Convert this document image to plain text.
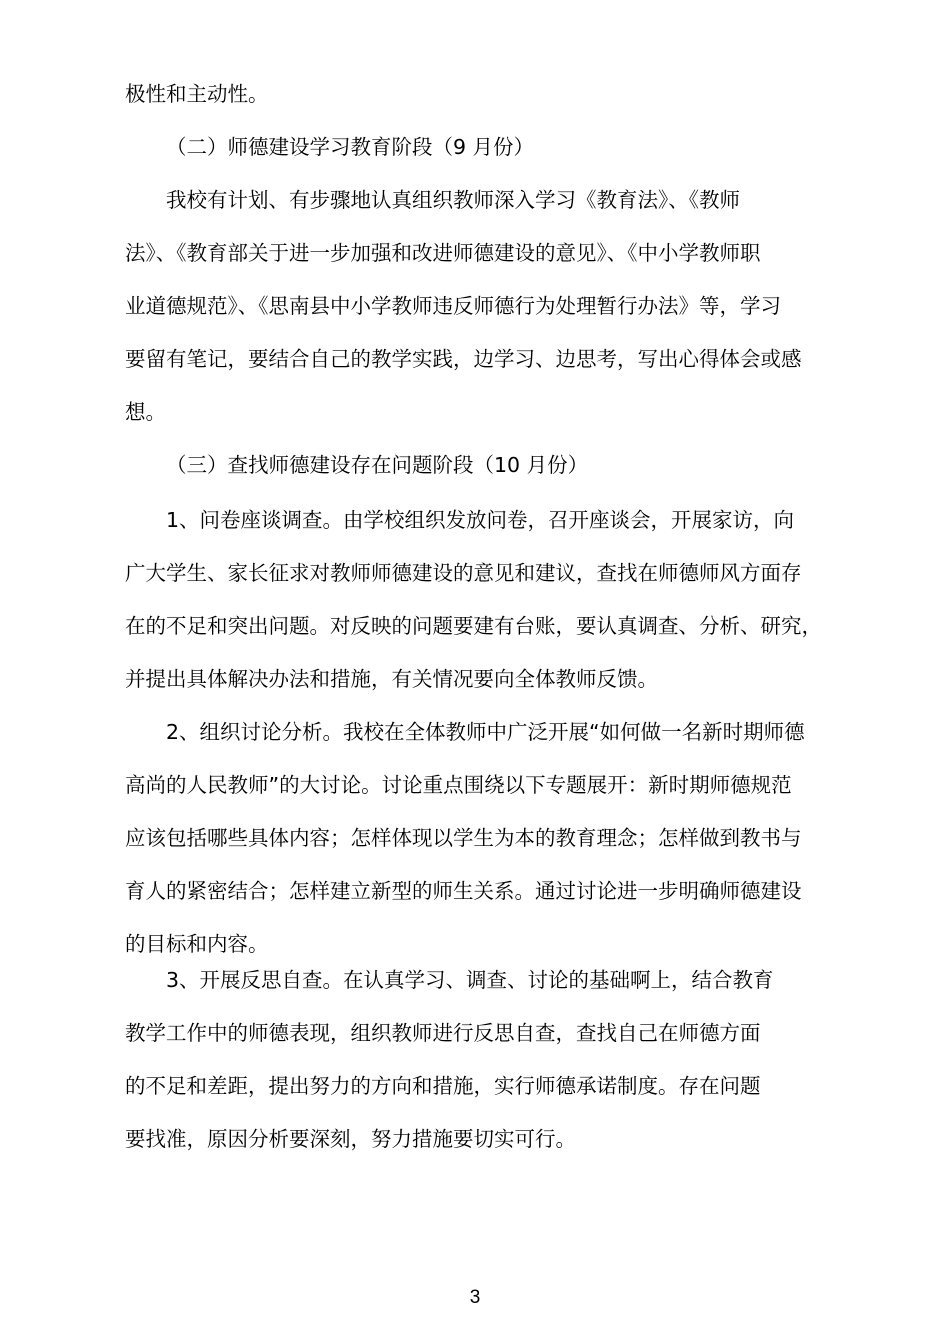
极性和主动性。
（二）师德建设学习教育阶段（9 月份）
我校有计划、有步骤地认真组织教师深入学习《教育法》、《教师
法》、《教育部关于进一步加强和改进师德建设的意见》、《中小学教师职
业道德规范》、《思南县中小学教师违反师德行为处理暂行办法》等，学习
要留有笔记，要结合自己的教学实践，边学习、边思考，写出心得体会或感
想。
（三）查找师德建设存在问题阶段（10 月份）
1、问卷座谈调查。由学校组织发放问卷，召开座谈会，开展家访，向
广大学生、家长征求对教师师德建设的意见和建议，查找在师德师风方面存
在的不足和突出问题。对反映的问题要建有台账，要认真调查、分析、研究，
并提出具体解决办法和措施，有关情况要向全体教师反馈。
2、组织讨论分析。我校在全体教师中广泛开展“如何做一名新时期师德
高尚的人民教师”的大讨论。讨论重点围绕以下专题展开：新时期师德规范
应该包括哪些具体内容；怎样体现以学生为本的教育理念；怎样做到教书与
育人的紧密结合；怎样建立新型的师生关系。通过讨论进一步明确师德建设
的目标和内容。
3、开展反思自查。在认真学习、调查、讨论的基础啊上，结合教育
教学工作中的师德表现，组织教师进行反思自查，查找自己在师德方面
的不足和差距，提出努力的方向和措施，实行师德承诺制度。存在问题
要找准，原因分析要深刻，努力措施要切实可行。
3
